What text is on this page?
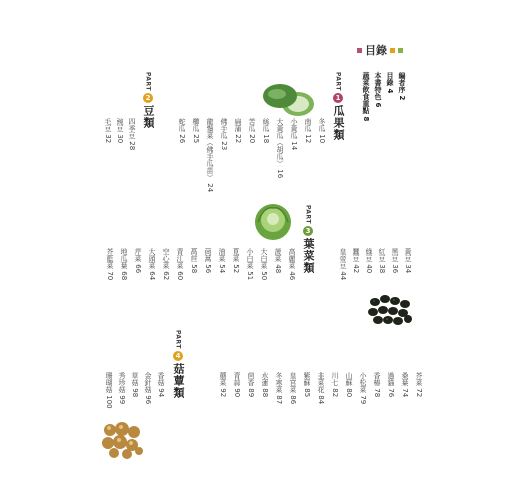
目錄
編者序 2
目錄 4
本書特色 6
蔬菜飲食重點 8
PART
1
瓜果類
冬瓜 10
南瓜 12
小黃瓜 14
大黃瓜（胡瓜） 16
絲瓜 18
苦瓜 20
扁蒲 22
佛手瓜 23
龍鬚菜（佛手瓜苗） 24
櫛瓜 25
蛇瓜 26
四季豆 28
豌豆 30
毛豆 32
黃豆 34
黑豆 36
紅豆 38
綠豆 40
蠶豆 42
皇帝豆 44
高麗菜 46
菠菜 48
大白菜 50
小白菜 51
莧菜 52
油菜 54
茼蒿 56
萵苣 58
青江菜 60
空心菜 62
大頭菜 64
芹菜 66
地瓜葉 68
芥藍菜 70
芥菜 72
桑葉 74
過貓 76
香椿 78
小松菜 79
山蘇 80
川七 82
韭菜花 84
紫蘇 85
皇宮菜 86
冬寒菜 87
水蓮 88
茴香 89
青蒜 90
蘑菜 92
香菇 94
金針菇 96
草菇 98
秀珍菇 99
珊瑚菇 100
PART
2
豆類
PART
3
葉菜類
PART
4
菇蕈類
